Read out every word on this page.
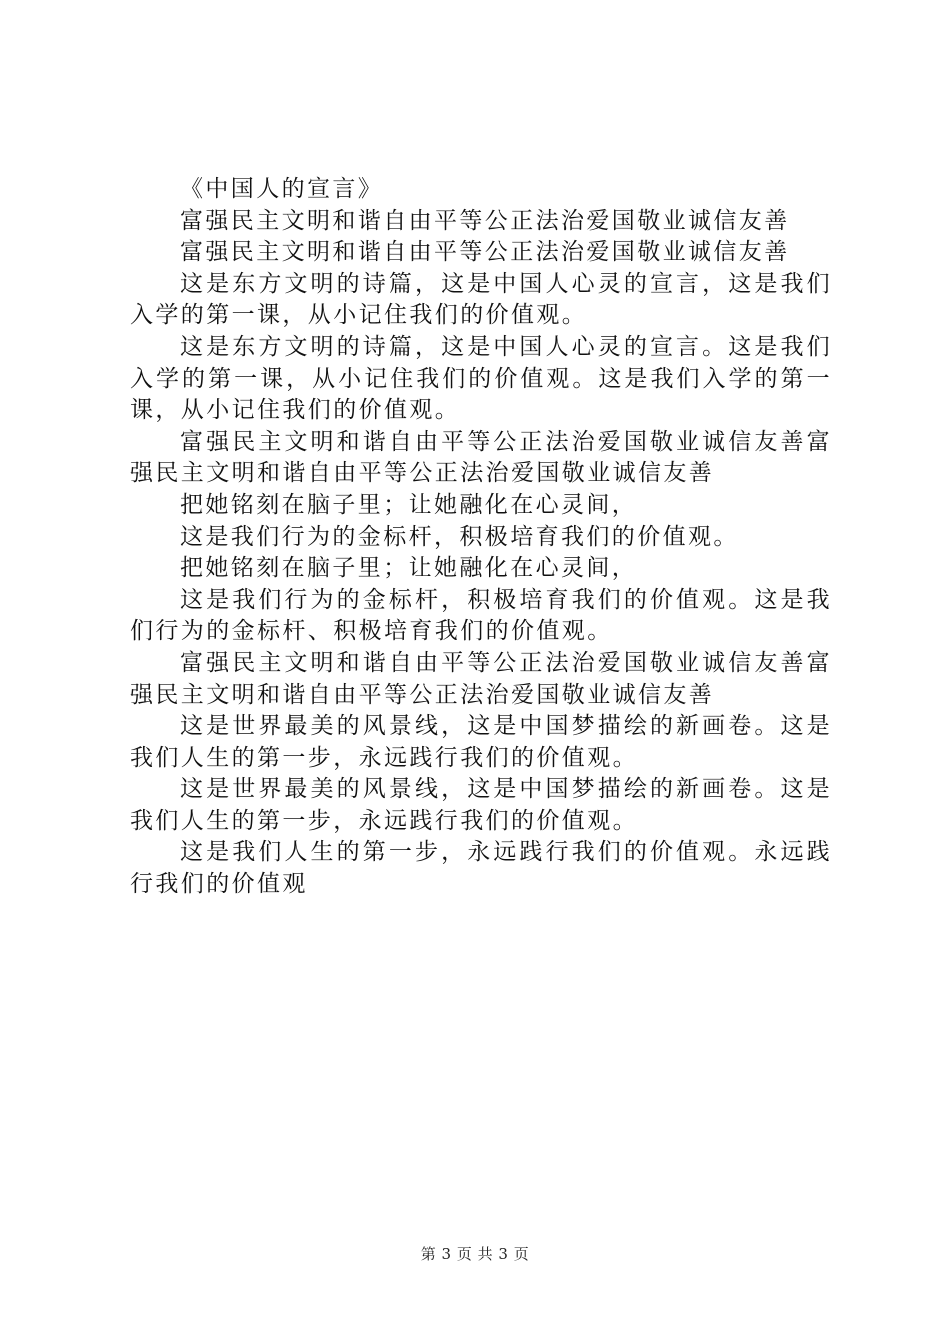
《中国人的宣言》

富强民主文明和谐自由平等公正法治爱国敬业诚信友善

富强民主文明和谐自由平等公正法治爱国敬业诚信友善

这是东方文明的诗篇，这是中国人心灵的宣言，这是我们入学的第一课，从小记住我们的价值观。

这是东方文明的诗篇，这是中国人心灵的宣言。这是我们入学的第一课，从小记住我们的价值观。这是我们入学的第一课，从小记住我们的价值观。

富强民主文明和谐自由平等公正法治爱国敬业诚信友善富强民主文明和谐自由平等公正法治爱国敬业诚信友善

把她铭刻在脑子里；让她融化在心灵间，

这是我们行为的金标杆，积极培育我们的价值观。

把她铭刻在脑子里；让她融化在心灵间，

这是我们行为的金标杆，积极培育我们的价值观。这是我们行为的金标杆、积极培育我们的价值观。

富强民主文明和谐自由平等公正法治爱国敬业诚信友善富强民主文明和谐自由平等公正法治爱国敬业诚信友善

这是世界最美的风景线，这是中国梦描绘的新画卷。这是我们人生的第一步，永远践行我们的价值观。

这是世界最美的风景线，这是中国梦描绘的新画卷。这是我们人生的第一步，永远践行我们的价值观。

这是我们人生的第一步，永远践行我们的价值观。永远践行我们的价值观

第 3 页 共 3 页
